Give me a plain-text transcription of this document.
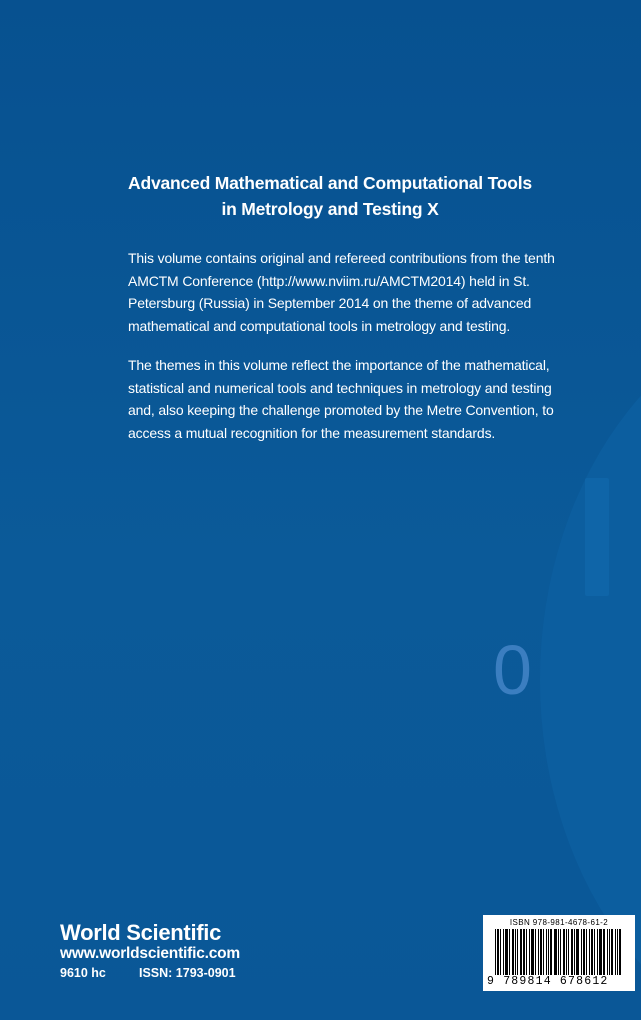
0
Advanced Mathematical and Computational Tools
in Metrology and Testing X
This volume contains original and refereed contributions from the tenth AMCTM Conference (http://www.nviim.ru/AMCTM2014) held in St. Petersburg (Russia) in September 2014 on the theme of advanced mathematical and computational tools in metrology and testing.
The themes in this volume reflect the importance of the mathematical, statistical and numerical tools and techniques in metrology and testing and, also keeping the challenge promoted by the Metre Convention, to access a mutual recognition for the measurement standards.
World Scientific
www.worldscientific.com
9610 hc	ISSN: 1793-0901
ISBN 978-981-4678-61-2
9 789814 678612
